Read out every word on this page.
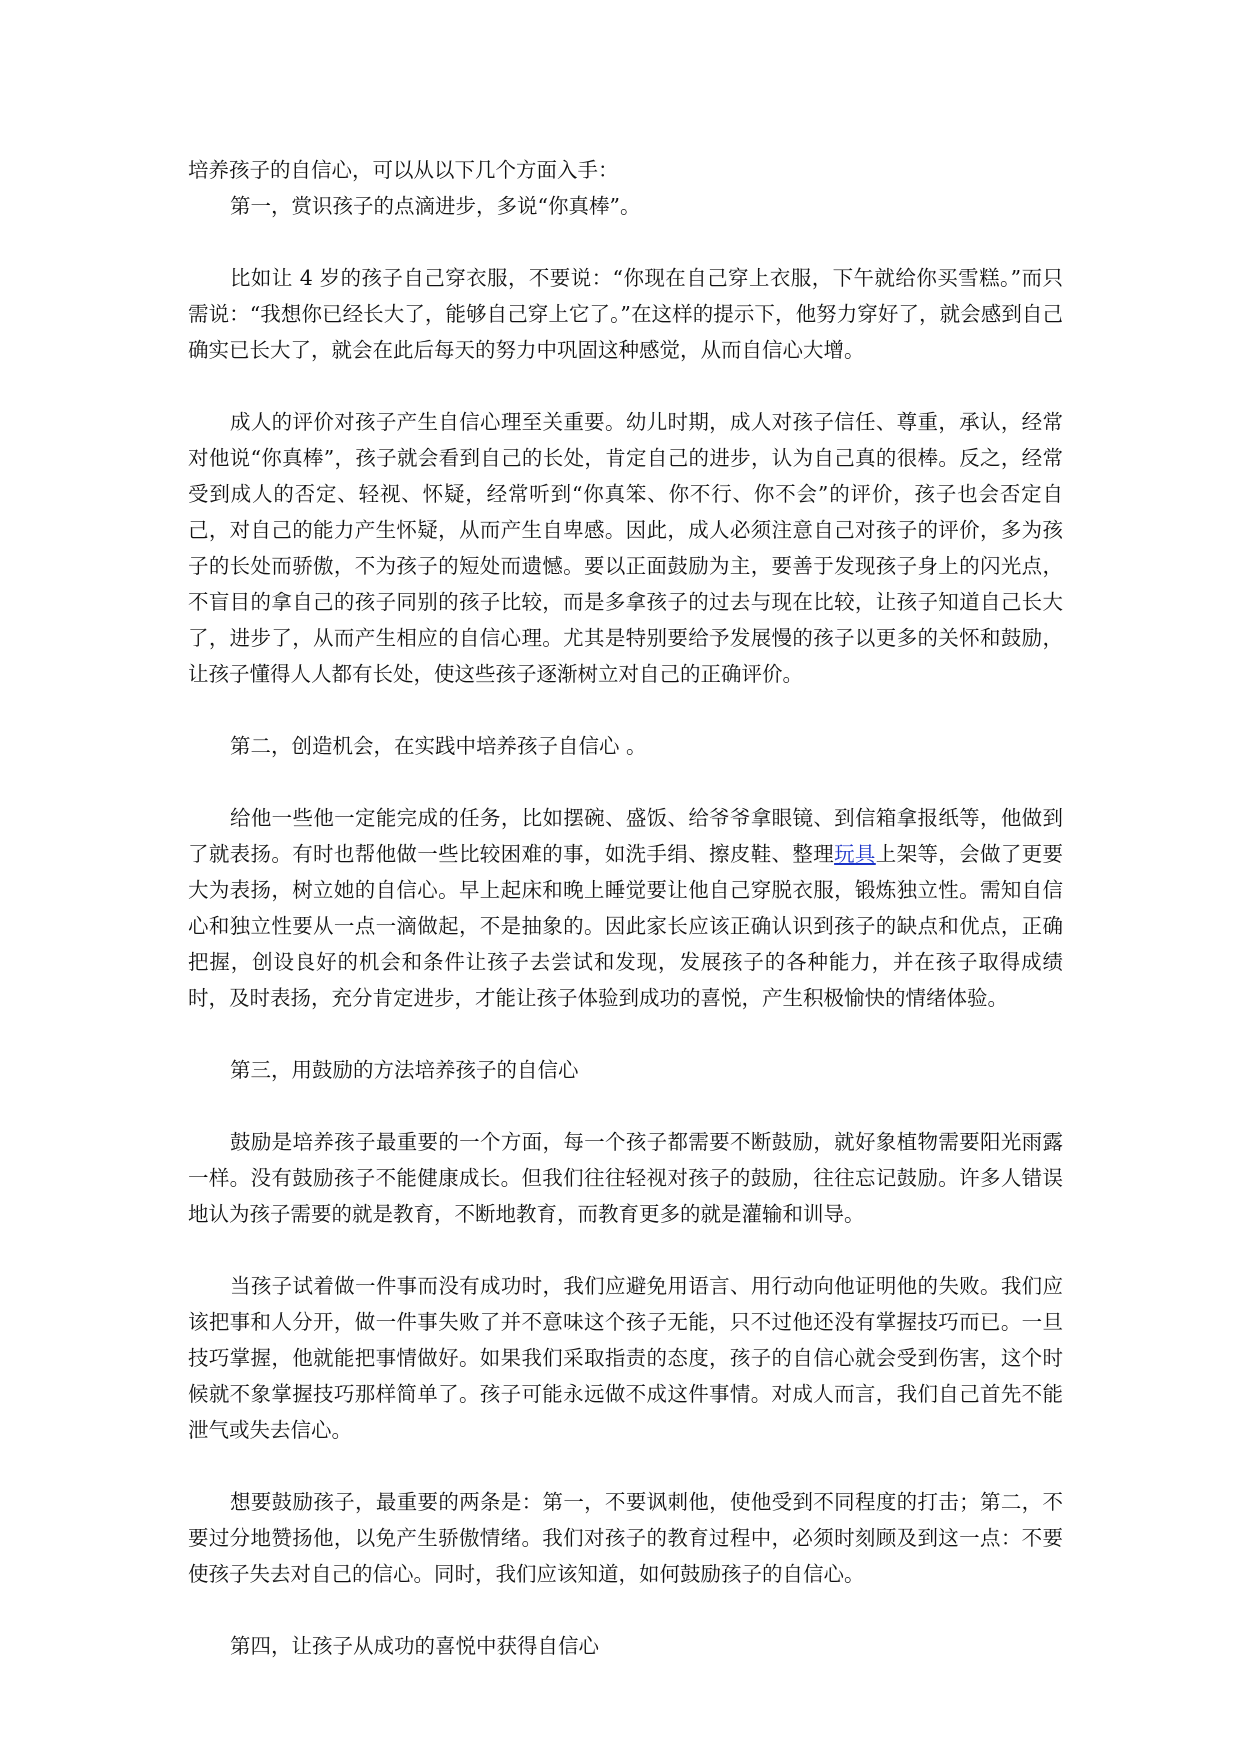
培养孩子的自信心，可以从以下几个方面入手：

第一，赏识孩子的点滴进步，多说“你真棒”。

比如让 4 岁的孩子自己穿衣服，不要说：“你现在自己穿上衣服，下午就给你买雪糕。”而只需说：“我想你已经长大了，能够自己穿上它了。”在这样的提示下，他努力穿好了，就会感到自己确实已长大了，就会在此后每天的努力中巩固这种感觉，从而自信心大增。

成人的评价对孩子产生自信心理至关重要。幼儿时期，成人对孩子信任、尊重，承认，经常对他说“你真棒”，孩子就会看到自己的长处，肯定自己的进步，认为自己真的很棒。反之，经常受到成人的否定、轻视、怀疑，经常听到“你真笨、你不行、你不会”的评价，孩子也会否定自己，对自己的能力产生怀疑，从而产生自卑感。因此，成人必须注意自己对孩子的评价，多为孩子的长处而骄傲，不为孩子的短处而遗憾。要以正面鼓励为主，要善于发现孩子身上的闪光点，不盲目的拿自己的孩子同别的孩子比较，而是多拿孩子的过去与现在比较，让孩子知道自己长大了，进步了，从而产生相应的自信心理。尤其是特别要给予发展慢的孩子以更多的关怀和鼓励，让孩子懂得人人都有长处，使这些孩子逐渐树立对自己的正确评价。

第二，创造机会，在实践中培养孩子自信心 。

给他一些他一定能完成的任务，比如摆碗、盛饭、给爷爷拿眼镜、到信箱拿报纸等，他做到了就表扬。有时也帮他做一些比较困难的事，如洗手绢、擦皮鞋、整理玩具上架等，会做了更要大为表扬，树立她的自信心。早上起床和晚上睡觉要让他自己穿脱衣服，锻炼独立性。需知自信心和独立性要从一点一滴做起，不是抽象的。因此家长应该正确认识到孩子的缺点和优点，正确把握，创设良好的机会和条件让孩子去尝试和发现，发展孩子的各种能力，并在孩子取得成绩时，及时表扬，充分肯定进步，才能让孩子体验到成功的喜悦，产生积极愉快的情绪体验。

第三，用鼓励的方法培养孩子的自信心

鼓励是培养孩子最重要的一个方面，每一个孩子都需要不断鼓励，就好象植物需要阳光雨露一样。没有鼓励孩子不能健康成长。但我们往往轻视对孩子的鼓励，往往忘记鼓励。许多人错误地认为孩子需要的就是教育，不断地教育，而教育更多的就是灌输和训导。

当孩子试着做一件事而没有成功时，我们应避免用语言、用行动向他证明他的失败。我们应该把事和人分开，做一件事失败了并不意味这个孩子无能，只不过他还没有掌握技巧而已。一旦技巧掌握，他就能把事情做好。如果我们采取指责的态度，孩子的自信心就会受到伤害，这个时候就不象掌握技巧那样简单了。孩子可能永远做不成这件事情。对成人而言，我们自己首先不能泄气或失去信心。

想要鼓励孩子，最重要的两条是：第一，不要讽刺他，使他受到不同程度的打击；第二，不要过分地赞扬他，以免产生骄傲情绪。我们对孩子的教育过程中，必须时刻顾及到这一点：不要使孩子失去对自己的信心。同时，我们应该知道，如何鼓励孩子的自信心。

第四，让孩子从成功的喜悦中获得自信心
